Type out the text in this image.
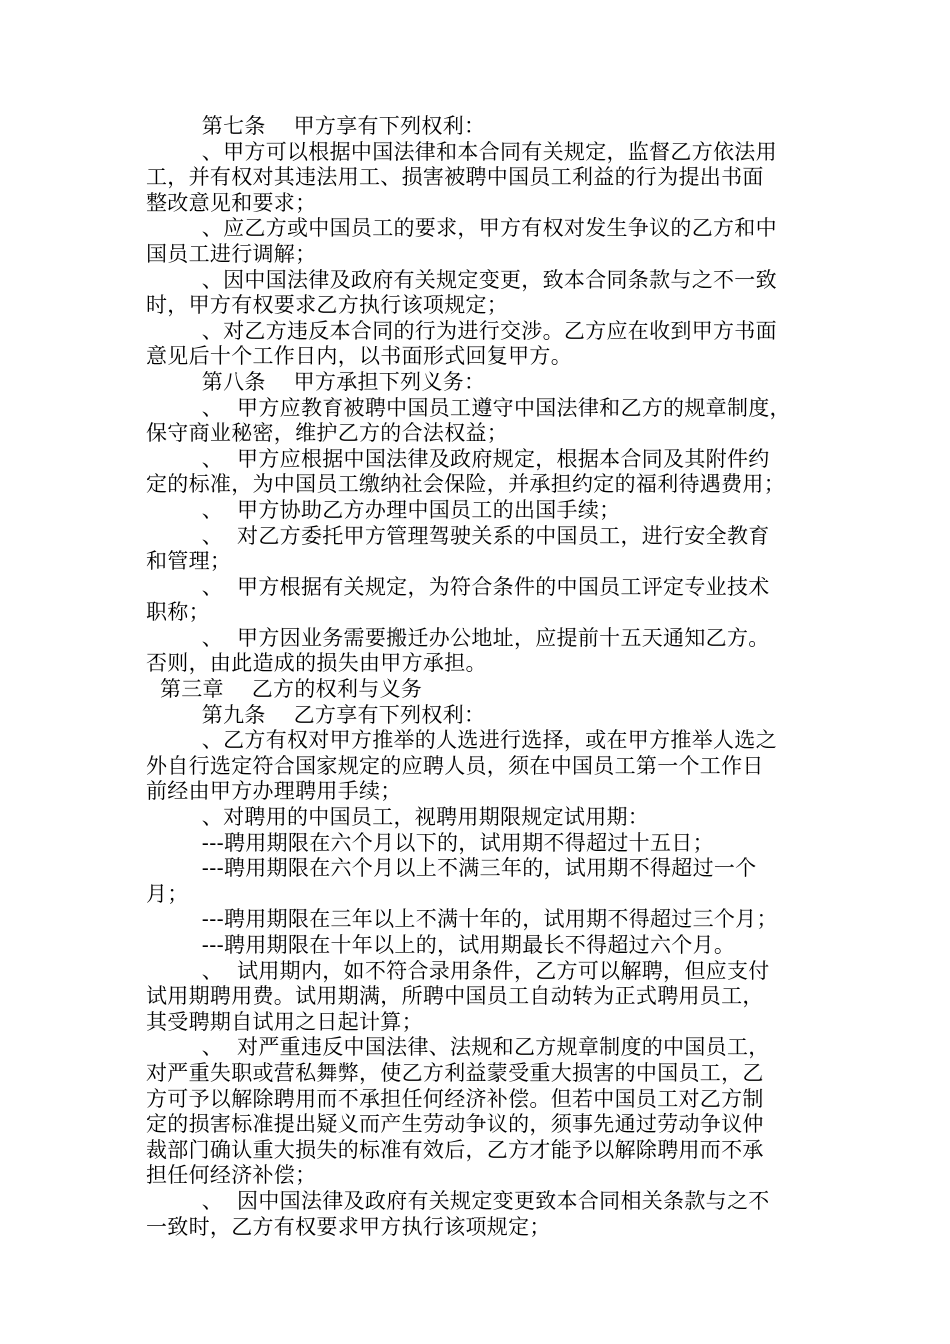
第七条    甲方享有下列权利：
、甲方可以根据中国法律和本合同有关规定，监督乙方依法用
工，并有权对其违法用工、损害被聘中国员工利益的行为提出书面
整改意见和要求；
、应乙方或中国员工的要求，甲方有权对发生争议的乙方和中
国员工进行调解；
、因中国法律及政府有关规定变更，致本合同条款与之不一致
时，甲方有权要求乙方执行该项规定；
、对乙方违反本合同的行为进行交涉。乙方应在收到甲方书面
意见后十个工作日内，以书面形式回复甲方。
第八条    甲方承担下列义务：
、  甲方应教育被聘中国员工遵守中国法律和乙方的规章制度，
保守商业秘密，维护乙方的合法权益；
、  甲方应根据中国法律及政府规定，根据本合同及其附件约
定的标准，为中国员工缴纳社会保险，并承担约定的福利待遇费用；
、  甲方协助乙方办理中国员工的出国手续；
、  对乙方委托甲方管理驾驶关系的中国员工，进行安全教育
和管理；
、  甲方根据有关规定，为符合条件的中国员工评定专业技术
职称；
、  甲方因业务需要搬迁办公地址，应提前十五天通知乙方。
否则，由此造成的损失由甲方承担。
第三章    乙方的权利与义务
第九条    乙方享有下列权利：
、乙方有权对甲方推举的人选进行选择，或在甲方推举人选之
外自行选定符合国家规定的应聘人员，须在中国员工第一个工作日
前经由甲方办理聘用手续；
、对聘用的中国员工，视聘用期限规定试用期：
---聘用期限在六个月以下的，试用期不得超过十五日；
---聘用期限在六个月以上不满三年的，试用期不得超过一个
月；
---聘用期限在三年以上不满十年的，试用期不得超过三个月；
---聘用期限在十年以上的，试用期最长不得超过六个月。
、  试用期内，如不符合录用条件，乙方可以解聘，但应支付
试用期聘用费。试用期满，所聘中国员工自动转为正式聘用员工，
其受聘期自试用之日起计算；
、  对严重违反中国法律、法规和乙方规章制度的中国员工，
对严重失职或营私舞弊，使乙方利益蒙受重大损害的中国员工，乙
方可予以解除聘用而不承担任何经济补偿。但若中国员工对乙方制
定的损害标准提出疑义而产生劳动争议的，须事先通过劳动争议仲
裁部门确认重大损失的标准有效后，乙方才能予以解除聘用而不承
担任何经济补偿；
、  因中国法律及政府有关规定变更致本合同相关条款与之不
一致时，乙方有权要求甲方执行该项规定；
